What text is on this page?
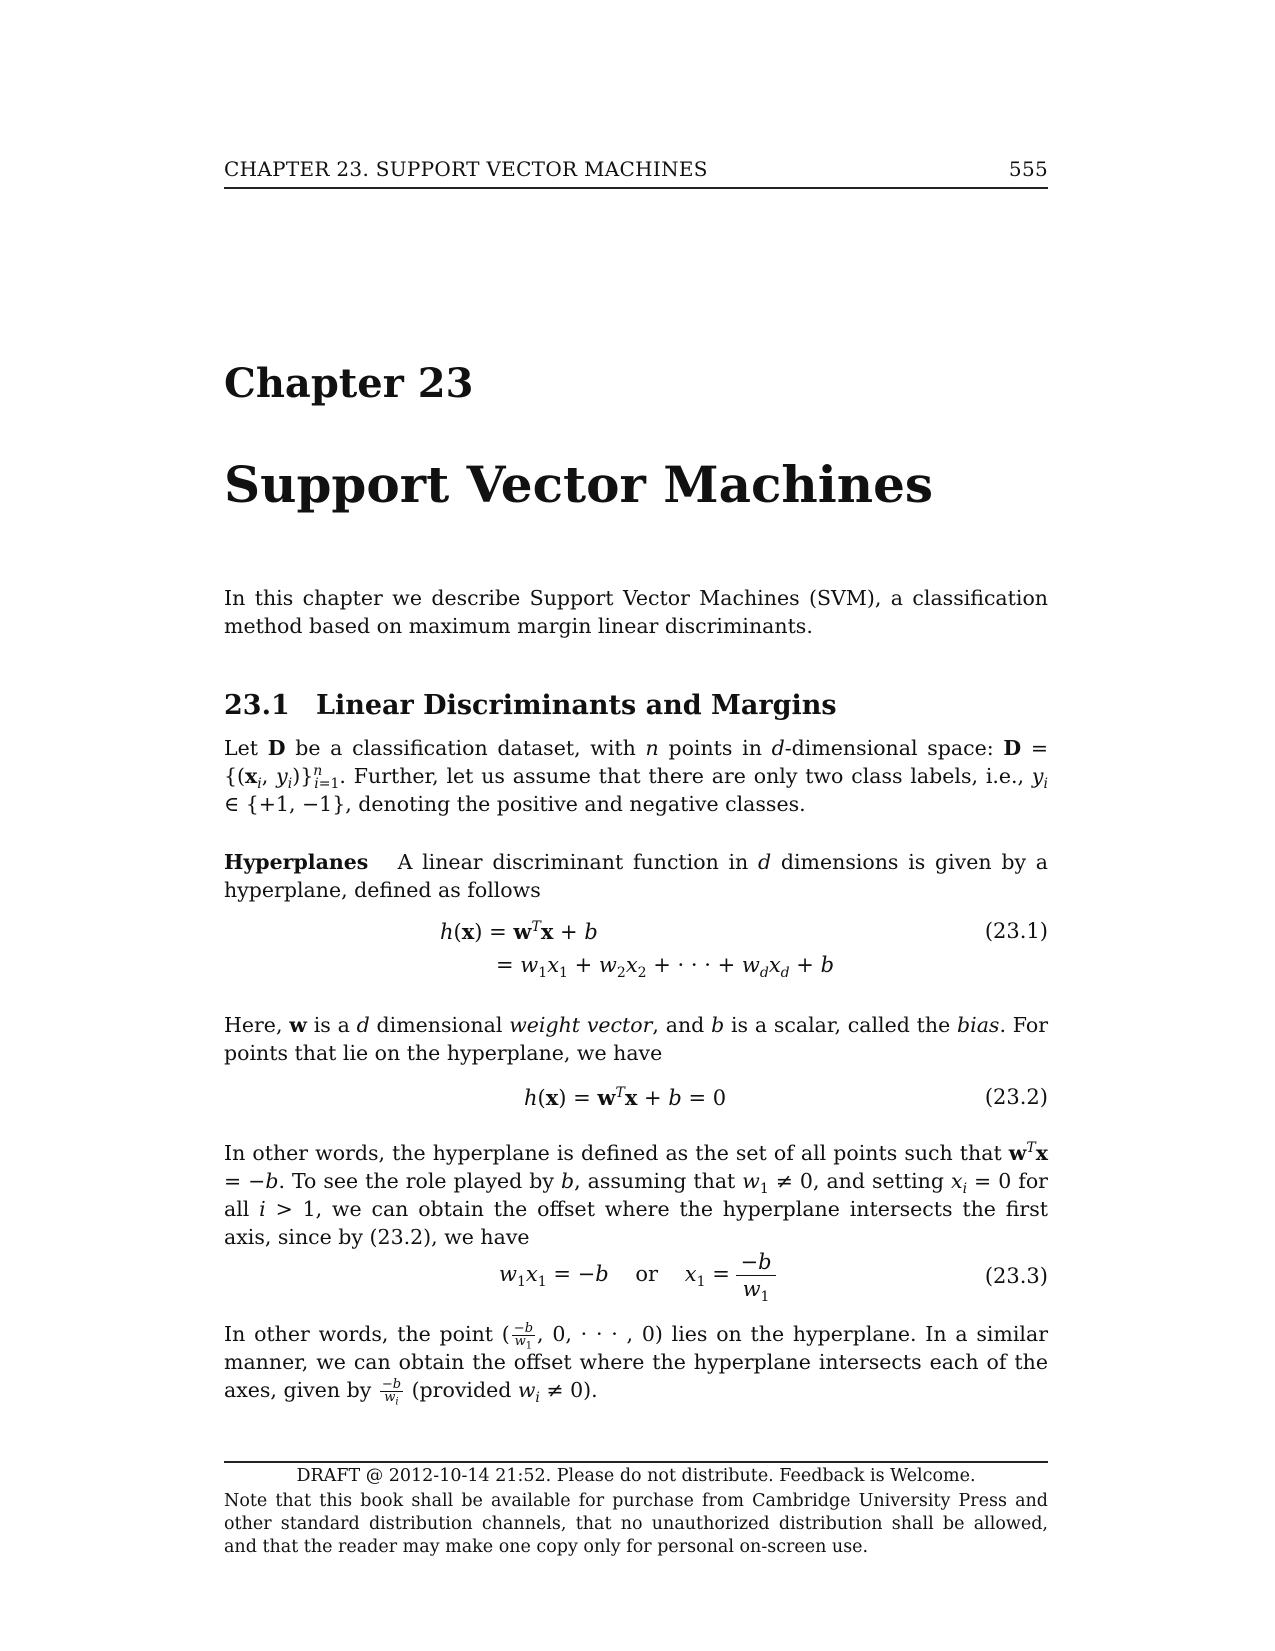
CHAPTER 23. SUPPORT VECTOR MACHINES	555
Chapter 23
Support Vector Machines
In this chapter we describe Support Vector Machines (SVM), a classification method based on maximum margin linear discriminants.
23.1 Linear Discriminants and Margins
Let D be a classification dataset, with n points in d-dimensional space: $D = \{(x_i$, $y_i)\}^n_{i=1}$. Further, let us assume that there are only two class labels, i.e., $y_i$ ∈ {+1, −1}, denoting the positive and negative classes.
Hyperplanes A linear discriminant function in d dimensions is given by a hyperplane, defined as follows
$h(x) = w^Tx + b$	(23.1)
= $w_1x_1 + w_2x_2$ + · · · + $w_dx_d + b$
Here, w is a d dimensional weight vector, and b is a scalar, called the bias. For points that lie on the hyperplane, we have
$h(x) = w^Tx + b = 0$	(23.2)
In other words, the hyperplane is defined as the set of all points such that $w^Tx = -b$. To see the role played by b, assuming that $w_1 \ne 0$, and setting $x_i = 0$ for all i > 1, we can obtain the offset where the hyperplane intersects the first axis, since by (23.2), we have
$w_1x_1 = -b$ or $x_1 = \frac{-b}{w_1}$	(23.3)
In other words, the point ( $\frac{-b}{w_1}$ , 0, · · · , 0) lies on the hyperplane. In a similar manner, we can obtain the offset where the hyperplane intersects each of the axes, given by $\frac{-b}{w_i}$ (provided $w_i \ne 0$).
DRAFT @ 2012-10-14 21:52. Please do not distribute. Feedback is Welcome.
Note that this book shall be available for purchase from Cambridge University Press and other standard distribution channels, that no unauthorized distribution shall be allowed, and that the reader may make one copy only for personal on-screen use.
